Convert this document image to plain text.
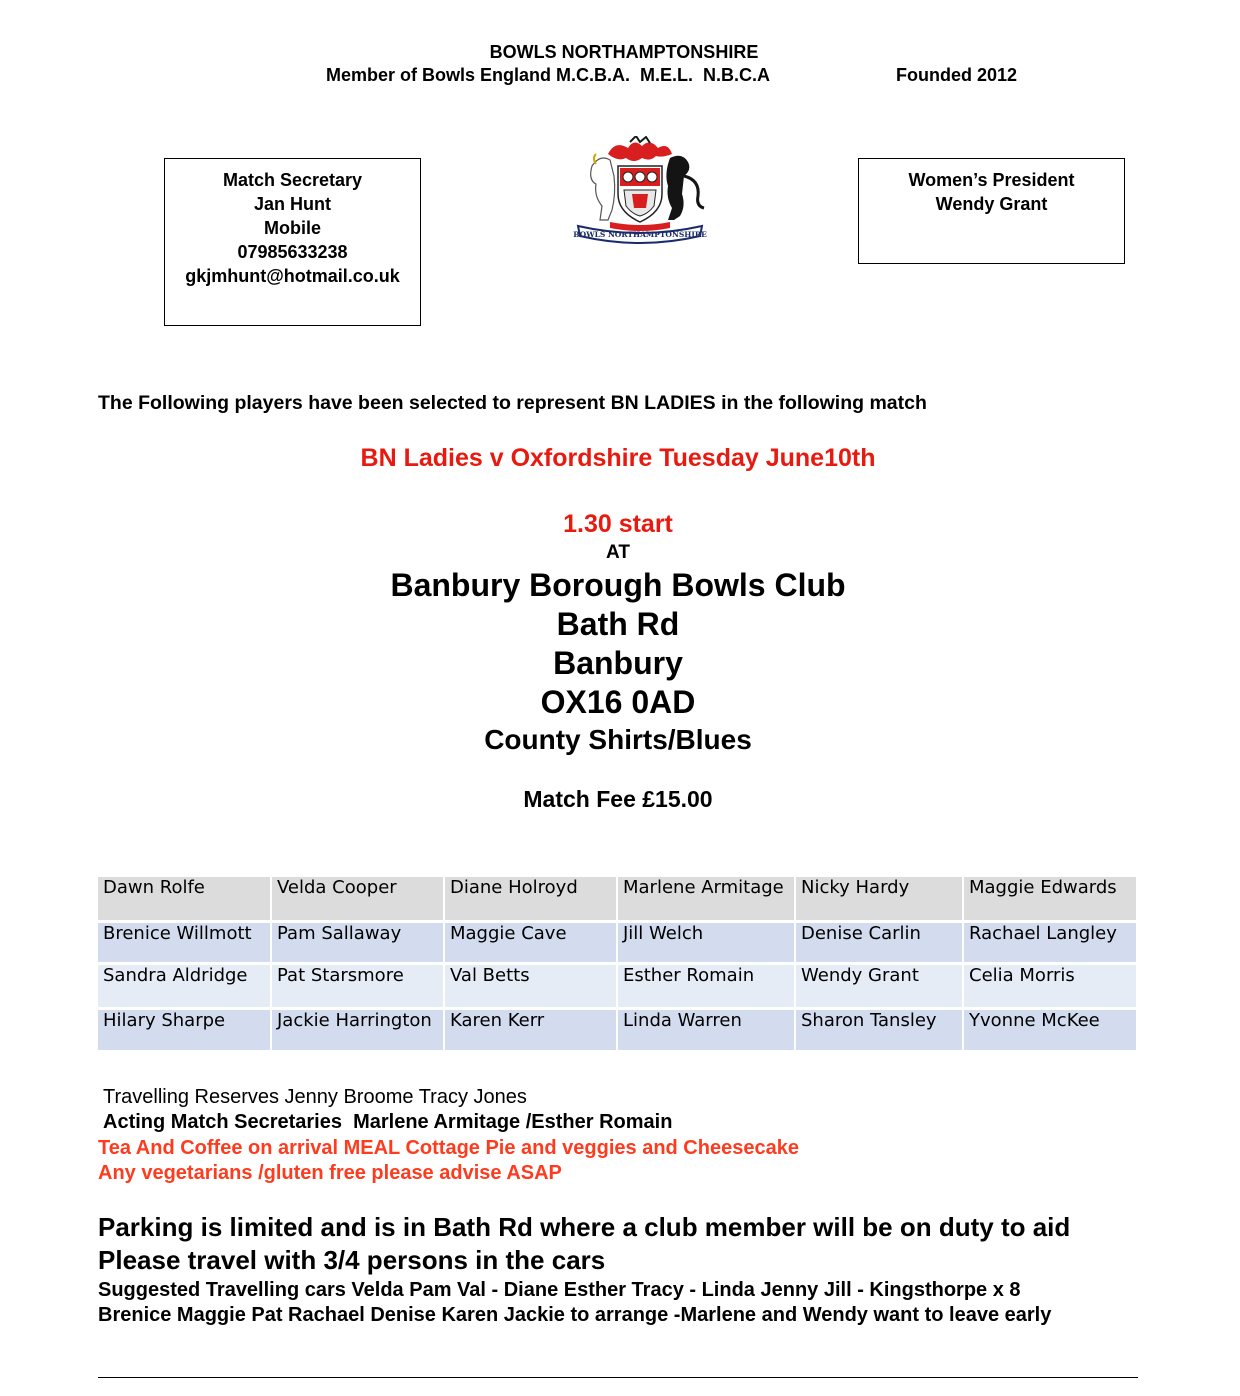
BOWLS NORTHAMPTONSHIRE
Member of Bowls England M.C.B.A.  M.E.L.  N.B.C.A	Founded 2012
Match Secretary
Jan Hunt
Mobile
07985633238
gkjmhunt@hotmail.co.uk
Women’s President
Wendy Grant
BOWLS NORTHAMPTONSHIRE
The Following players have been selected to represent BN LADIES in the following match
BN Ladies v Oxfordshire Tuesday June10th
1.30 start
AT
Banbury Borough Bowls Club
Bath Rd
Banbury
OX16 0AD
County Shirts/Blues
Match Fee £15.00
Dawn Rolfe	Velda Cooper	Diane Holroyd	Marlene Armitage	Nicky Hardy	Maggie Edwards
Brenice Willmott	Pam Sallaway	Maggie Cave	Jill Welch	Denise Carlin	Rachael Langley
Sandra Aldridge	Pat Starsmore	Val Betts	Esther Romain	Wendy Grant	Celia Morris
Hilary Sharpe	Jackie Harrington	Karen Kerr	Linda Warren	Sharon Tansley	Yvonne McKee
Travelling Reserves Jenny Broome Tracy Jones
Acting Match Secretaries  Marlene Armitage /Esther Romain
Tea And Coffee on arrival MEAL Cottage Pie and veggies and Cheesecake
Any vegetarians /gluten free please advise ASAP
Parking is limited and is in Bath Rd where a club member will be on duty to aid
Please travel with 3/4 persons in the cars
Suggested Travelling cars Velda Pam Val - Diane Esther Tracy - Linda Jenny Jill - Kingsthorpe x 8
Brenice Maggie Pat Rachael Denise Karen Jackie to arrange -Marlene and Wendy want to leave early
